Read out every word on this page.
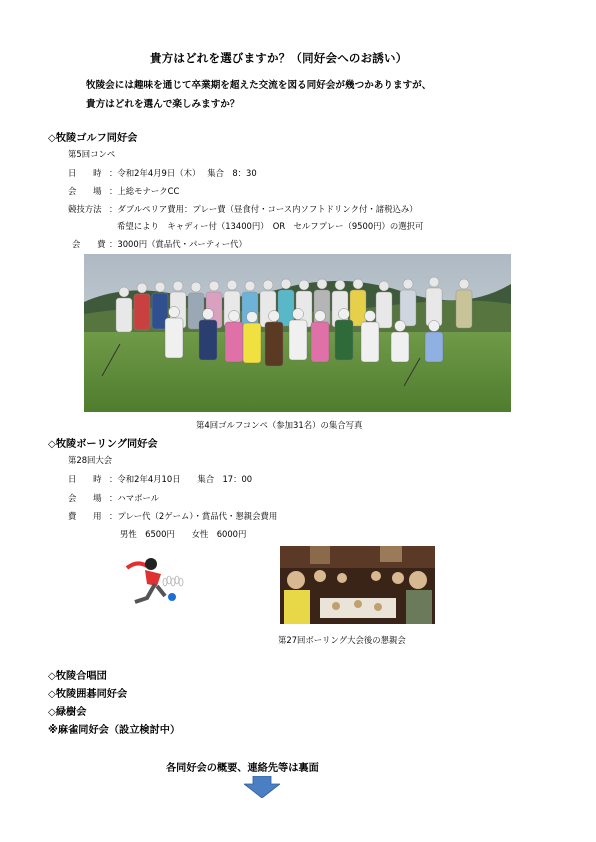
貴方はどれを選びますか？（同好会へのお誘い）
牧陵会には趣味を通じて卒業期を超えた交流を図る同好会が幾つかありますが、
貴方はどれを選んで楽しみますか？
◇牧陵ゴルフ同好会
第5回コンペ
日　　時 ：令和2年4月9日（木）　 集合　8：30
会　　場 ：上総モナークCC
競技方法 ：ダブルペリア費用：プレー費（昼食付・コース内ソフトドリンク付・諸税込み）
希望により　キャディー付（13400円）　OR　セルフプレー（9500円）の選択可
会　　費 ：3000円（賞品代・パーティー代）
第4回ゴルフコンペ（参加31名）の集合写真
◇牧陵ボーリング同好会
第28回大会
日　　時 ：令和2年4月10日　　集合　17：00
会　　場 ：ハマボール
費　　用 ：プレー代（2ゲーム）・賞品代・懇親会費用
男性　6500円　　女性　6000円
第27回ボーリング大会後の懇親会
◇牧陵合唱団
◇牧陵囲碁同好会
◇緑樹会
※麻雀同好会（設立検討中）
各同好会の概要、連絡先等は裏面
